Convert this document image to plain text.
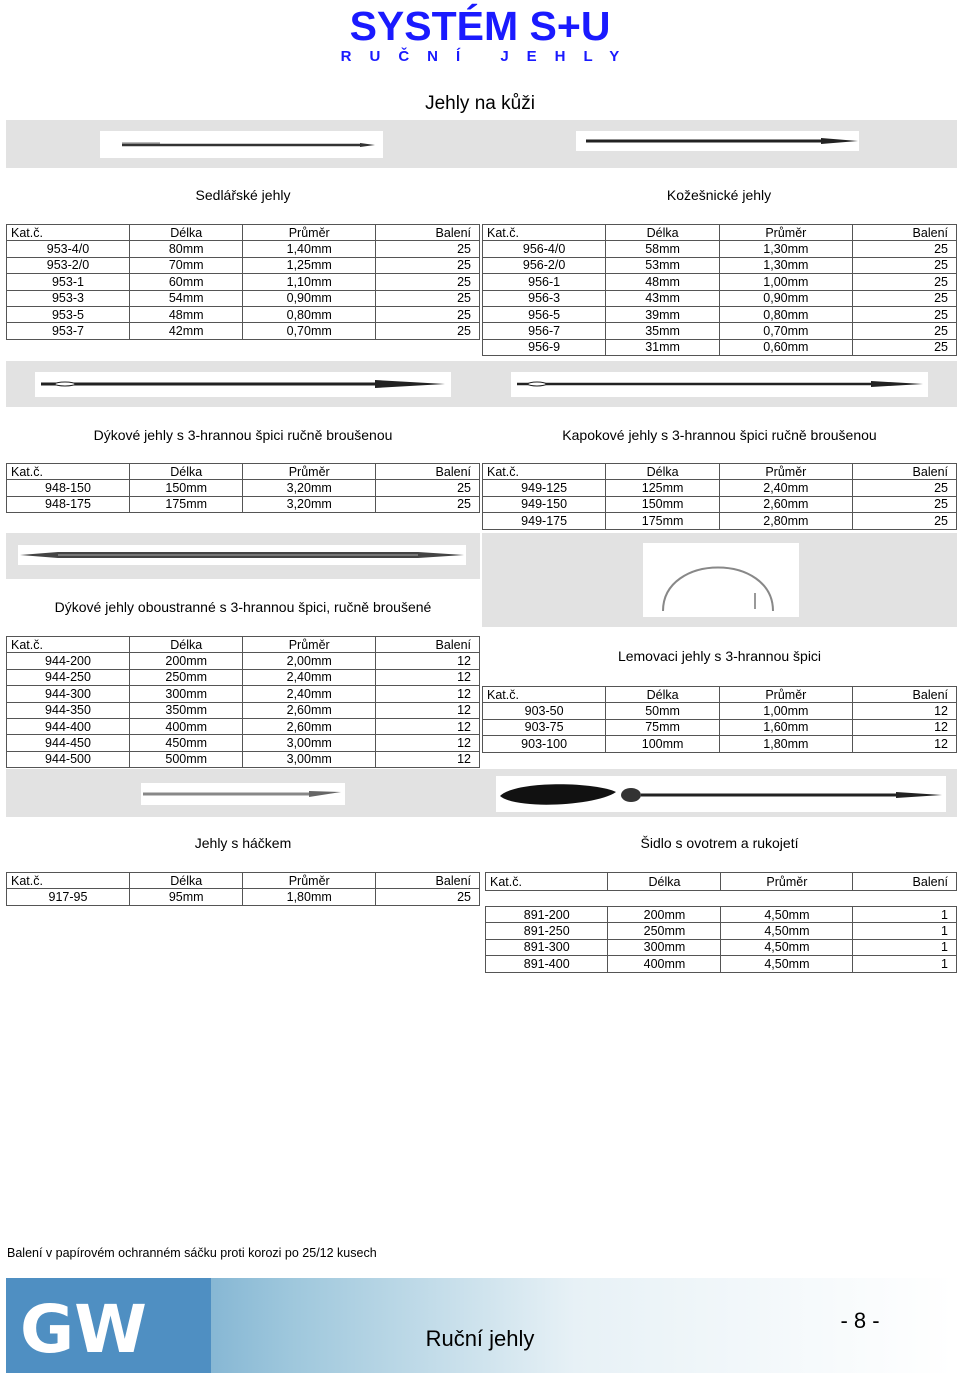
SYSTÉM S+U
RUČNÍ JEHLY
Jehly na kůži
Sedlářské jehly	Kožešnické jehly
Kat.č.	Délka	Průměr	Balení
953-4/0	80mm	1,40mm	25
953-2/0	70mm	1,25mm	25
953-1	60mm	1,10mm	25
953-3	54mm	0,90mm	25
953-5	48mm	0,80mm	25
953-7	42mm	0,70mm	25
Kat.č.	Délka	Průměr	Balení
956-4/0	58mm	1,30mm	25
956-2/0	53mm	1,30mm	25
956-1	48mm	1,00mm	25
956-3	43mm	0,90mm	25
956-5	39mm	0,80mm	25
956-7	35mm	0,70mm	25
956-9	31mm	0,60mm	25
Dýkové jehly s 3-hrannou špici ručně broušenou	Kapokové jehly s 3-hrannou špici ručně broušenou
Kat.č.	Délka	Průměr	Balení
948-150	150mm	3,20mm	25
948-175	175mm	3,20mm	25
Kat.č.	Délka	Průměr	Balení
949-125	125mm	2,40mm	25
949-150	150mm	2,60mm	25
949-175	175mm	2,80mm	25
Dýkové jehly oboustranné s 3-hrannou špici, ručně broušené
Kat.č.	Délka	Průměr	Balení
944-200	200mm	2,00mm	12
944-250	250mm	2,40mm	12
944-300	300mm	2,40mm	12
944-350	350mm	2,60mm	12
944-400	400mm	2,60mm	12
944-450	450mm	3,00mm	12
944-500	500mm	3,00mm	12
Lemovaci jehly s 3-hrannou špici
Kat.č.	Délka	Průměr	Balení
903-50	50mm	1,00mm	12
903-75	75mm	1,60mm	12
903-100	100mm	1,80mm	12
Jehly s háčkem	Šidlo s ovotrem a rukojetí
Kat.č.	Délka	Průměr	Balení
917-95	95mm	1,80mm	25
Kat.č.	Délka	Průměr	Balení

891-200	200mm	4,50mm	1
891-250	250mm	4,50mm	1
891-300	300mm	4,50mm	1
891-400	400mm	4,50mm	1
Balení v papírovém ochranném sáčku proti korozi po 25/12 kusech
GW	Ruční jehly
- 8 -
